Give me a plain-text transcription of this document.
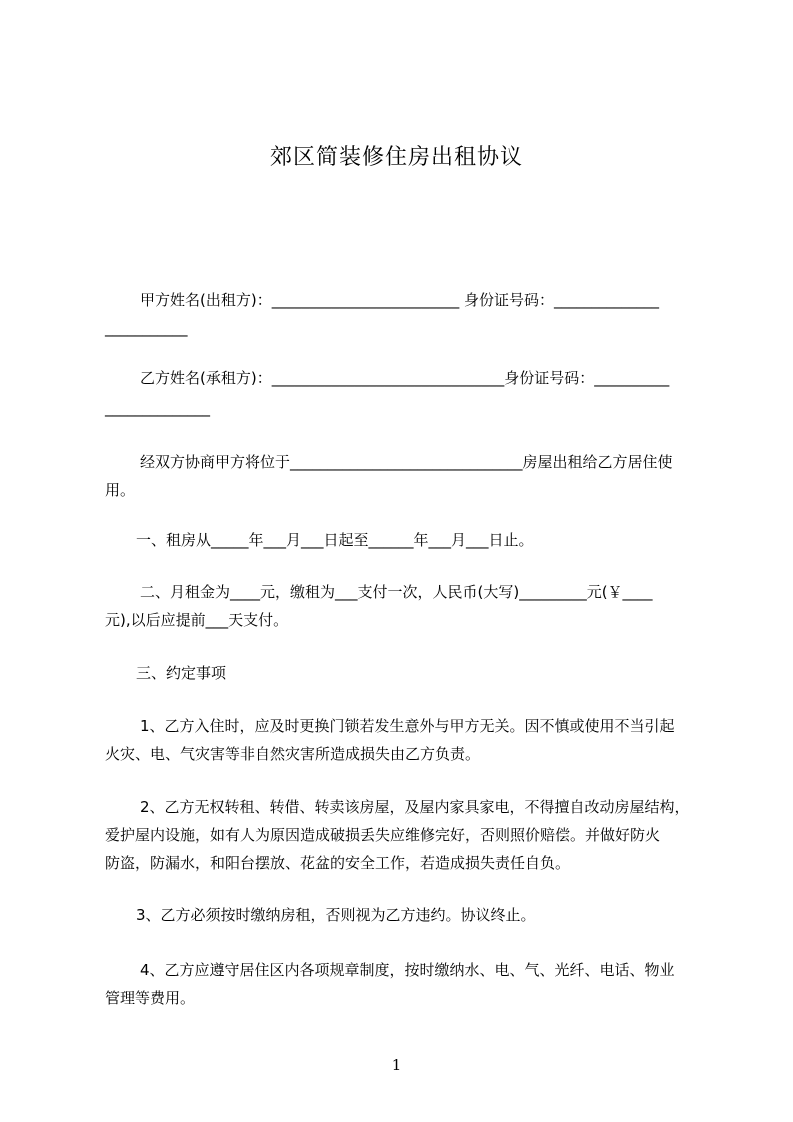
郊区简装修住房出租协议
甲方姓名(出租方)：_________________________ 身份证号码：______________
___________
乙方姓名(承租方)：_______________________________身份证号码：__________
______________
经双方协商甲方将位于_______________________________房屋出租给乙方居住使
用。
一、租房从_____年___月___日起至______年___月___日止。
二、月租金为____元，缴租为___支付一次，人民币(大写)_________元(￥____
元),以后应提前___天支付。
三、约定事项
1、乙方入住时，应及时更换门锁若发生意外与甲方无关。因不慎或使用不当引起
火灾、电、气灾害等非自然灾害所造成损失由乙方负责。
2、乙方无权转租、转借、转卖该房屋，及屋内家具家电，不得擅自改动房屋结构，
爱护屋内设施，如有人为原因造成破损丢失应维修完好，否则照价赔偿。并做好防火
防盗，防漏水，和阳台摆放、花盆的安全工作，若造成损失责任自负。
3、乙方必须按时缴纳房租，否则视为乙方违约。协议终止。
4、乙方应遵守居住区内各项规章制度，按时缴纳水、电、气、光纤、电话、物业
管理等费用。
1
